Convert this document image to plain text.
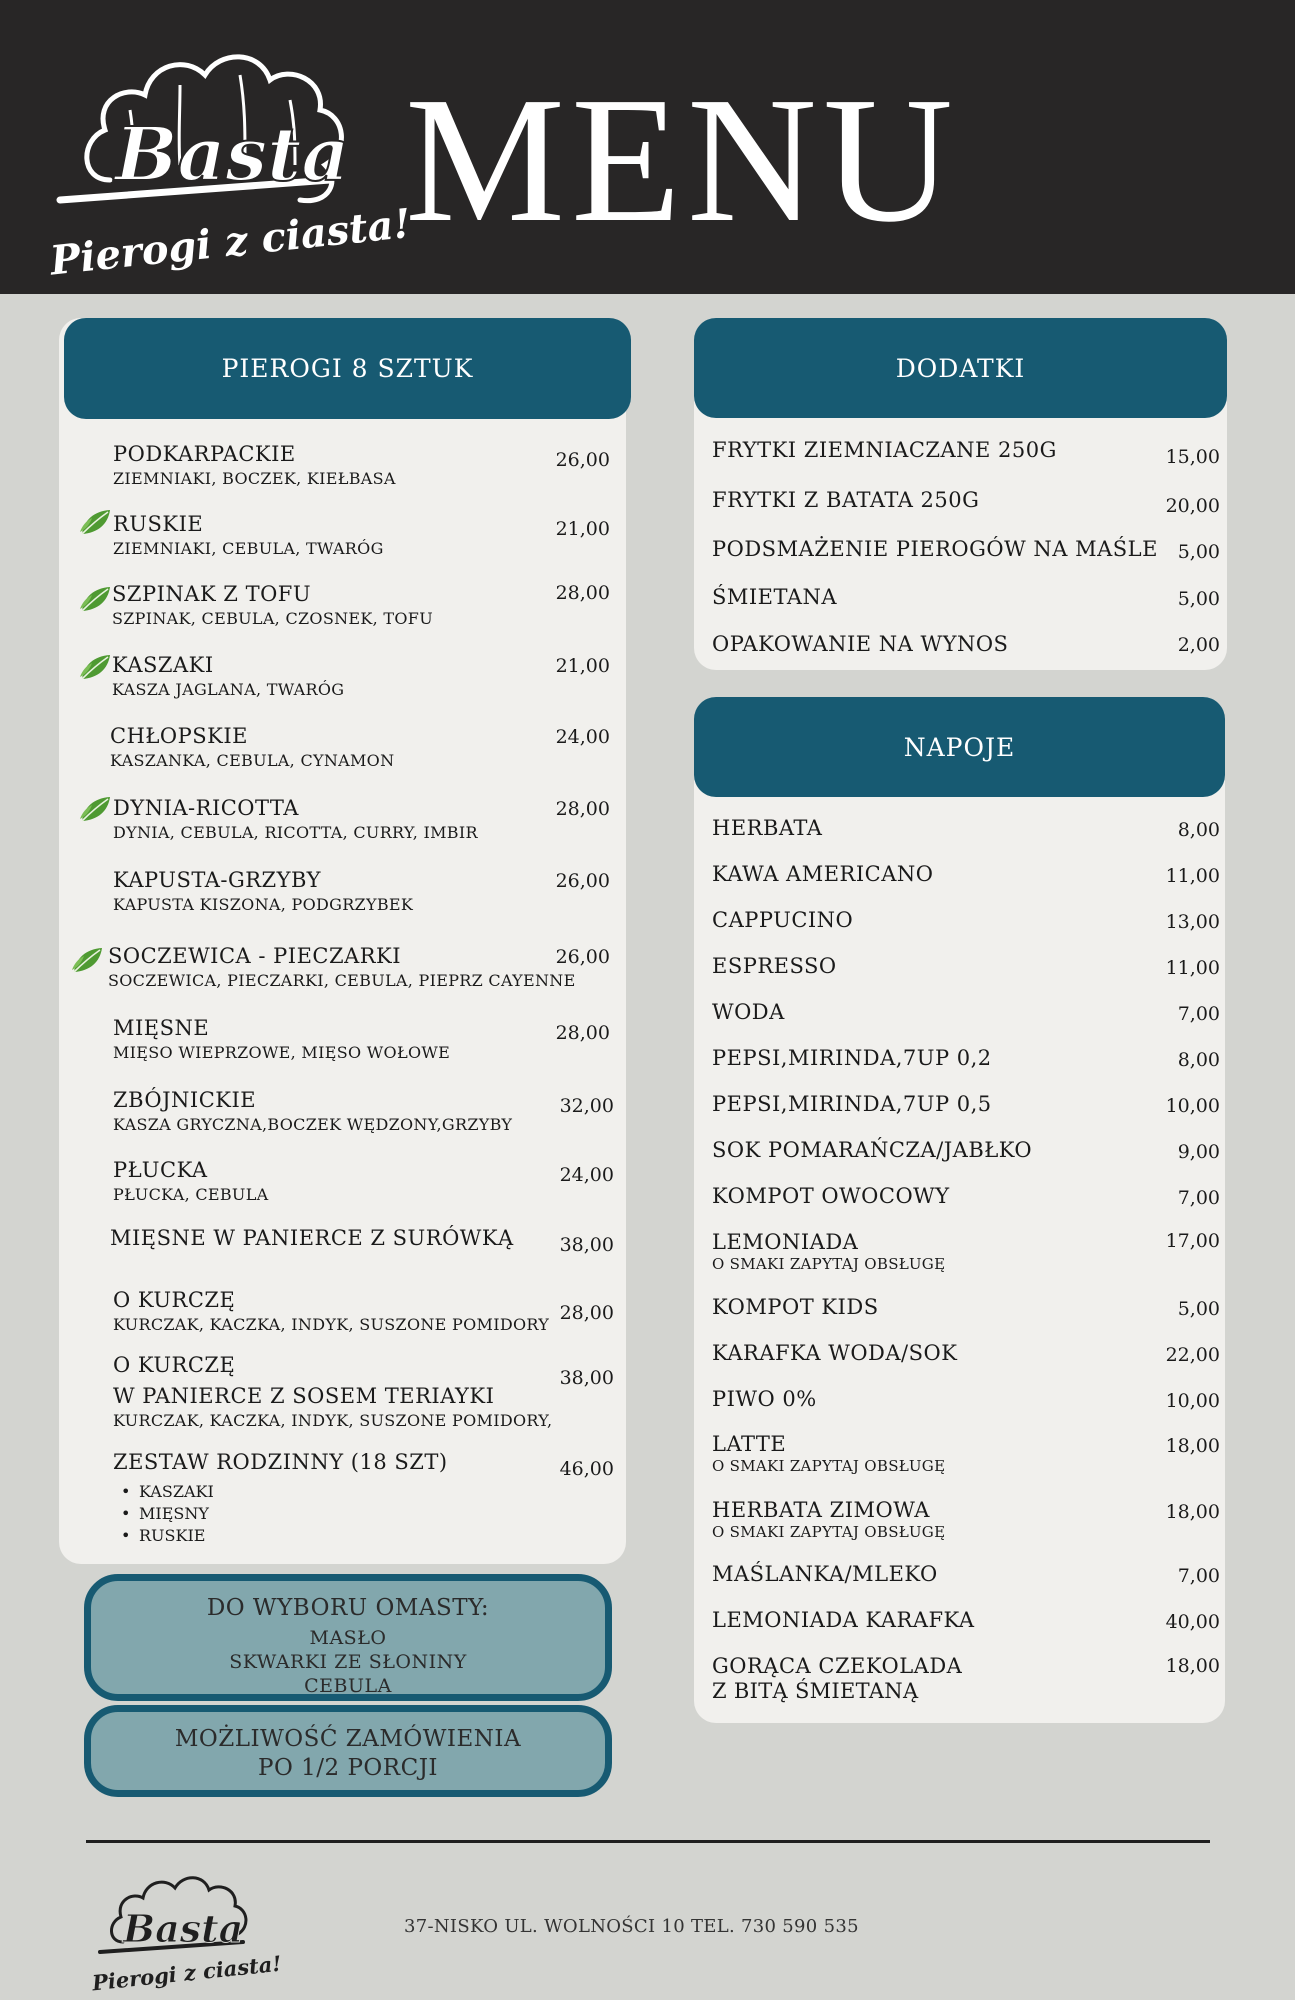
Basta
Pierogi z ciasta!
MENU
PIEROGI 8 SZTUK
PODKARPACKIE
ZIEMNIAKI, BOCZEK, KIEŁBASA
26,00
RUSKIE
ZIEMNIAKI, CEBULA, TWARÓG
21,00
SZPINAK Z TOFU
SZPINAK, CEBULA, CZOSNEK, TOFU
28,00
KASZAKI
KASZA JAGLANA, TWARÓG
21,00
CHŁOPSKIE
KASZANKA, CEBULA, CYNAMON
24,00
DYNIA-RICOTTA
DYNIA, CEBULA, RICOTTA, CURRY, IMBIR
28,00
KAPUSTA-GRZYBY
KAPUSTA KISZONA, PODGRZYBEK
26,00
SOCZEWICA - PIECZARKI
SOCZEWICA, PIECZARKI, CEBULA, PIEPRZ CAYENNE
26,00
MIĘSNE
MIĘSO WIEPRZOWE, MIĘSO WOŁOWE
28,00
ZBÓJNICKIE
KASZA GRYCZNA,BOCZEK WĘDZONY,GRZYBY
32,00
PŁUCKA
PŁUCKA, CEBULA
24,00
MIĘSNE W PANIERCE Z SURÓWKĄ	38,00
O KURCZĘ
KURCZAK, KACZKA, INDYK, SUSZONE POMIDORY
28,00
O KURCZĘ
W PANIERCE Z SOSEM TERIAYKI
KURCZAK, KACZKA, INDYK, SUSZONE POMIDORY,
38,00
ZESTAW RODZINNY (18 SZT)
• KASZAKI
• MIĘSNY
• RUSKIE
46,00
DO WYBORU OMASTY:
MASŁO
SKWARKI ZE SŁONINY
CEBULA
MOŻLIWOŚĆ ZAMÓWIENIA
PO 1/2 PORCJI
DODATKI
FRYTKI ZIEMNIACZANE 250G	15,00
FRYTKI Z BATATA 250G	20,00
PODSMAŻENIE PIEROGÓW NA MAŚLE	5,00
ŚMIETANA	5,00
OPAKOWANIE NA WYNOS	2,00
NAPOJE
HERBATA	8,00
KAWA AMERICANO	11,00
CAPPUCINO	13,00
ESPRESSO	11,00
WODA	7,00
PEPSI,MIRINDA,7UP 0,2	8,00
PEPSI,MIRINDA,7UP 0,5	10,00
SOK POMARAŃCZA/JABŁKO	9,00
KOMPOT OWOCOWY	7,00
LEMONIADA
O SMAKI ZAPYTAJ OBSŁUGĘ
17,00
KOMPOT KIDS	5,00
KARAFKA WODA/SOK	22,00
PIWO 0%	10,00
LATTE
O SMAKI ZAPYTAJ OBSŁUGĘ
18,00
HERBATA ZIMOWA
O SMAKI ZAPYTAJ OBSŁUGĘ
18,00
MAŚLANKA/MLEKO	7,00
LEMONIADA KARAFKA	40,00
GORĄCA CZEKOLADA
Z BITĄ ŚMIETANĄ
18,00
Basta
Pierogi z ciasta!
37-NISKO UL. WOLNOŚCI 10 TEL. 730 590 535
